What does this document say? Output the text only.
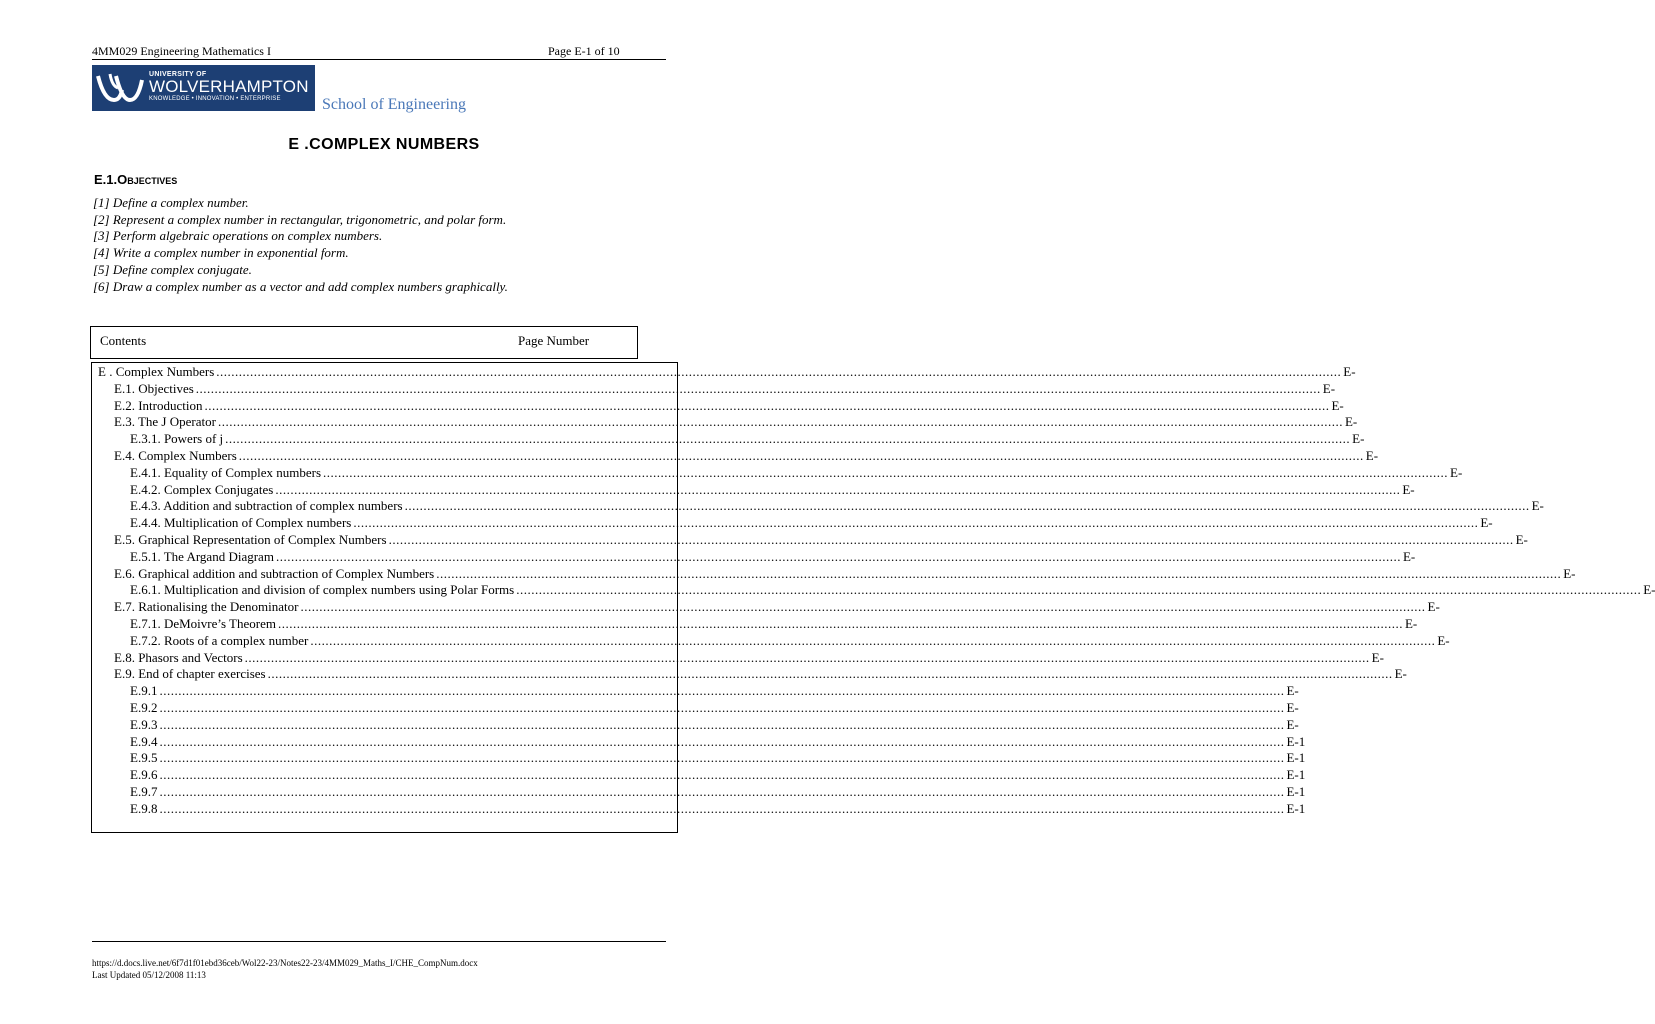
4MM029 Engineering Mathematics I	Page E-1 of 10
UNIVERSITY OF
WOLVERHAMPTON
KNOWLEDGE • INNOVATION • ENTERPRISE	School of Engineering
E .COMPLEX NUMBERS
E.1.Objectives
[1] Define a complex number.
[2] Represent a complex number in rectangular, trigonometric, and polar form.
[3] Perform algebraic operations on complex numbers.
[4] Write a complex number in exponential form.
[5] Define complex conjugate.
[6] Draw a complex number as a vector and add complex numbers graphically.
Contents	Page Number
E . Complex Numbers ............................................................................................................................................................................................................................................................................................................ E-
E.1. Objectives ............................................................................................................................................................................................................................................................................................................ E-
E.2. Introduction ............................................................................................................................................................................................................................................................................................................ E-
E.3. The J Operator ............................................................................................................................................................................................................................................................................................................ E-
E.3.1. Powers of j ............................................................................................................................................................................................................................................................................................................ E-
E.4. Complex Numbers ............................................................................................................................................................................................................................................................................................................ E-
E.4.1. Equality of Complex numbers ............................................................................................................................................................................................................................................................................................................ E-
E.4.2. Complex Conjugates ............................................................................................................................................................................................................................................................................................................ E-
E.4.3. Addition and subtraction of complex numbers ............................................................................................................................................................................................................................................................................................................ E-
E.4.4. Multiplication of Complex numbers ............................................................................................................................................................................................................................................................................................................ E-
E.5. Graphical Representation of Complex Numbers ............................................................................................................................................................................................................................................................................................................ E-
E.5.1. The Argand Diagram ............................................................................................................................................................................................................................................................................................................ E-
E.6. Graphical addition and subtraction of Complex Numbers ............................................................................................................................................................................................................................................................................................................ E-
E.6.1. Multiplication and division of complex numbers using Polar Forms ............................................................................................................................................................................................................................................................................................................ E-
E.7. Rationalising the Denominator ............................................................................................................................................................................................................................................................................................................ E-
E.7.1. DeMoivre’s Theorem ............................................................................................................................................................................................................................................................................................................ E-
E.7.2. Roots of a complex number ............................................................................................................................................................................................................................................................................................................ E-
E.8. Phasors and Vectors ............................................................................................................................................................................................................................................................................................................ E-
E.9. End of chapter exercises ............................................................................................................................................................................................................................................................................................................ E-
E.9.1 ............................................................................................................................................................................................................................................................................................................ E-
E.9.2 ............................................................................................................................................................................................................................................................................................................ E-
E.9.3 ............................................................................................................................................................................................................................................................................................................ E-
E.9.4 ............................................................................................................................................................................................................................................................................................................ E-1
E.9.5 ............................................................................................................................................................................................................................................................................................................ E-1
E.9.6 ............................................................................................................................................................................................................................................................................................................ E-1
E.9.7 ............................................................................................................................................................................................................................................................................................................ E-1
E.9.8 ............................................................................................................................................................................................................................................................................................................ E-1
https://d.docs.live.net/6f7d1f01ebd36ceb/Wol22-23/Notes22-23/4MM029_Maths_I/CHE_CompNum.docx
Last Updated 05/12/2008 11:13
